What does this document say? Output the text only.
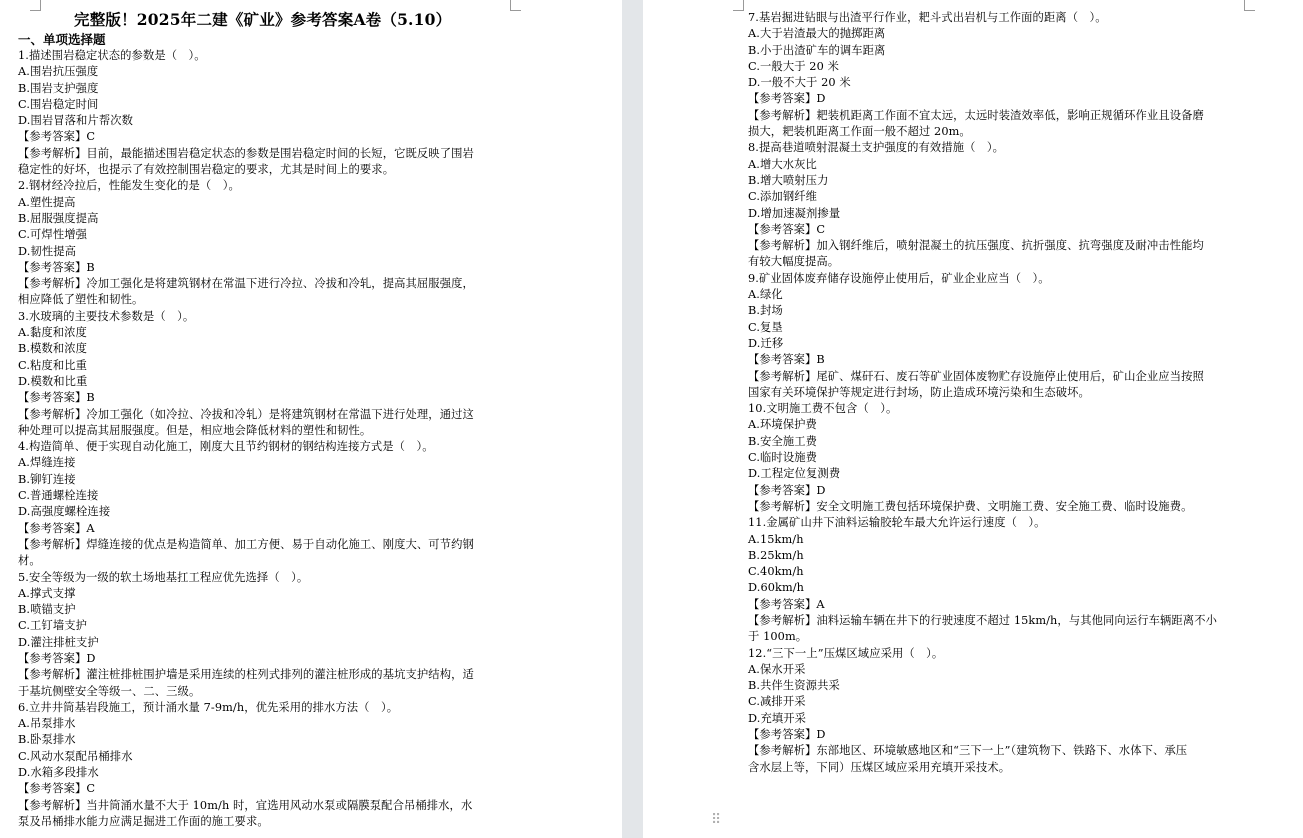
完整版！2025年二建《矿业》参考答案A卷（5.10）
一、单项选择题
1.描述围岩稳定状态的参数是（　）。
A.围岩抗压强度
B.围岩支护强度
C.围岩稳定时间
D.围岩冒落和片帮次数
【参考答案】C
【参考解析】目前，最能描述围岩稳定状态的参数是围岩稳定时间的长短，它既反映了围岩
稳定性的好坏，也提示了有效控制围岩稳定的要求，尤其是时间上的要求。
2.钢材经冷拉后，性能发生变化的是（　）。
A.塑性提高
B.屈服强度提高
C.可焊性增强
D.韧性提高
【参考答案】B
【参考解析】冷加工强化是将建筑钢材在常温下进行冷拉、冷拔和冷轧，提高其屈服强度，
相应降低了塑性和韧性。
3.水玻璃的主要技术参数是（　）。
A.黏度和浓度
B.模数和浓度
C.粘度和比重
D.模数和比重
【参考答案】B
【参考解析】冷加工强化（如冷拉、冷拔和冷轧）是将建筑钢材在常温下进行处理，通过这
种处理可以提高其屈服强度。但是，相应地会降低材料的塑性和韧性。
4.构造简单、便于实现自动化施工，刚度大且节约钢材的钢结构连接方式是（　）。
A.焊缝连接
B.铆钉连接
C.普通螺栓连接
D.高强度螺栓连接
【参考答案】A
【参考解析】焊缝连接的优点是构造简单、加工方便、易于自动化施工、刚度大、可节约钢
材。
5.安全等级为一级的软土场地基扛工程应优先选择（　）。
A.撑式支撑
B.喷锚支护
C.工钉墙支护
D.灌注排桩支护
【参考答案】D
【参考解析】灌注桩排桩围护墙是采用连续的柱列式排列的灌注桩形成的基坑支护结构，适
于基坑侧壁安全等级一、二、三级。
6.立井井筒基岩段施工，预计涌水量 7-9m/h，优先采用的排水方法（　）。
A.吊泵排水
B.卧泵排水
C.风动水泵配吊桶排水
D.水箱多段排水
【参考答案】C
【参考解析】当井筒涌水量不大于 10m/h 时，宜选用风动水泵或隔膜泵配合吊桶排水，水
泵及吊桶排水能力应满足掘进工作面的施工要求。
7.基岩掘进钻眼与出渣平行作业，耙斗式出岩机与工作面的距离（　）。
A.大于岩渣最大的抛掷距离
B.小于出渣矿车的调车距离
C.一般大于 20 米
D.一般不大于 20 米
【参考答案】D
【参考解析】耙装机距离工作面不宜太远，太远时装渣效率低，影响正规循环作业且设备磨
损大，耙装机距离工作面一般不超过 20m。
8.提高巷道喷射混凝土支护强度的有效措施（　）。
A.增大水灰比
B.增大喷射压力
C.添加钢纤维
D.增加速凝剂掺量
【参考答案】C
【参考解析】加入钢纤维后，喷射混凝土的抗压强度、抗折强度、抗弯强度及耐冲击性能均
有较大幅度提高。
9.矿业固体废弃储存设施停止使用后，矿业企业应当（　）。
A.绿化
B.封场
C.复垦
D.迁移
【参考答案】B
【参考解析】尾矿、煤矸石、废石等矿业固体废物贮存设施停止使用后，矿山企业应当按照
国家有关环境保护等规定进行封场，防止造成环境污染和生态破坏。
10.文明施工费不包含（　）。
A.环境保护费
B.安全施工费
C.临时设施费
D.工程定位复测费
【参考答案】D
【参考解析】安全文明施工费包括环境保护费、文明施工费、安全施工费、临时设施费。
11.金属矿山井下油料运输胶轮车最大允许运行速度（　）。
A.15km/h
B.25km/h
C.40km/h
D.60km/h
【参考答案】A
【参考解析】油料运输车辆在井下的行驶速度不超过 15km/h，与其他同向运行车辆距离不小
于 100m。
12.“三下一上”压煤区域应采用（　）。
A.保水开采
B.共伴生资源共采
C.减排开采
D.充填开采
【参考答案】D
【参考解析】东部地区、环境敏感地区和“三下一上”（建筑物下、铁路下、水体下、承压
含水层上等，下同）压煤区域应采用充填开采技术。
⠿
